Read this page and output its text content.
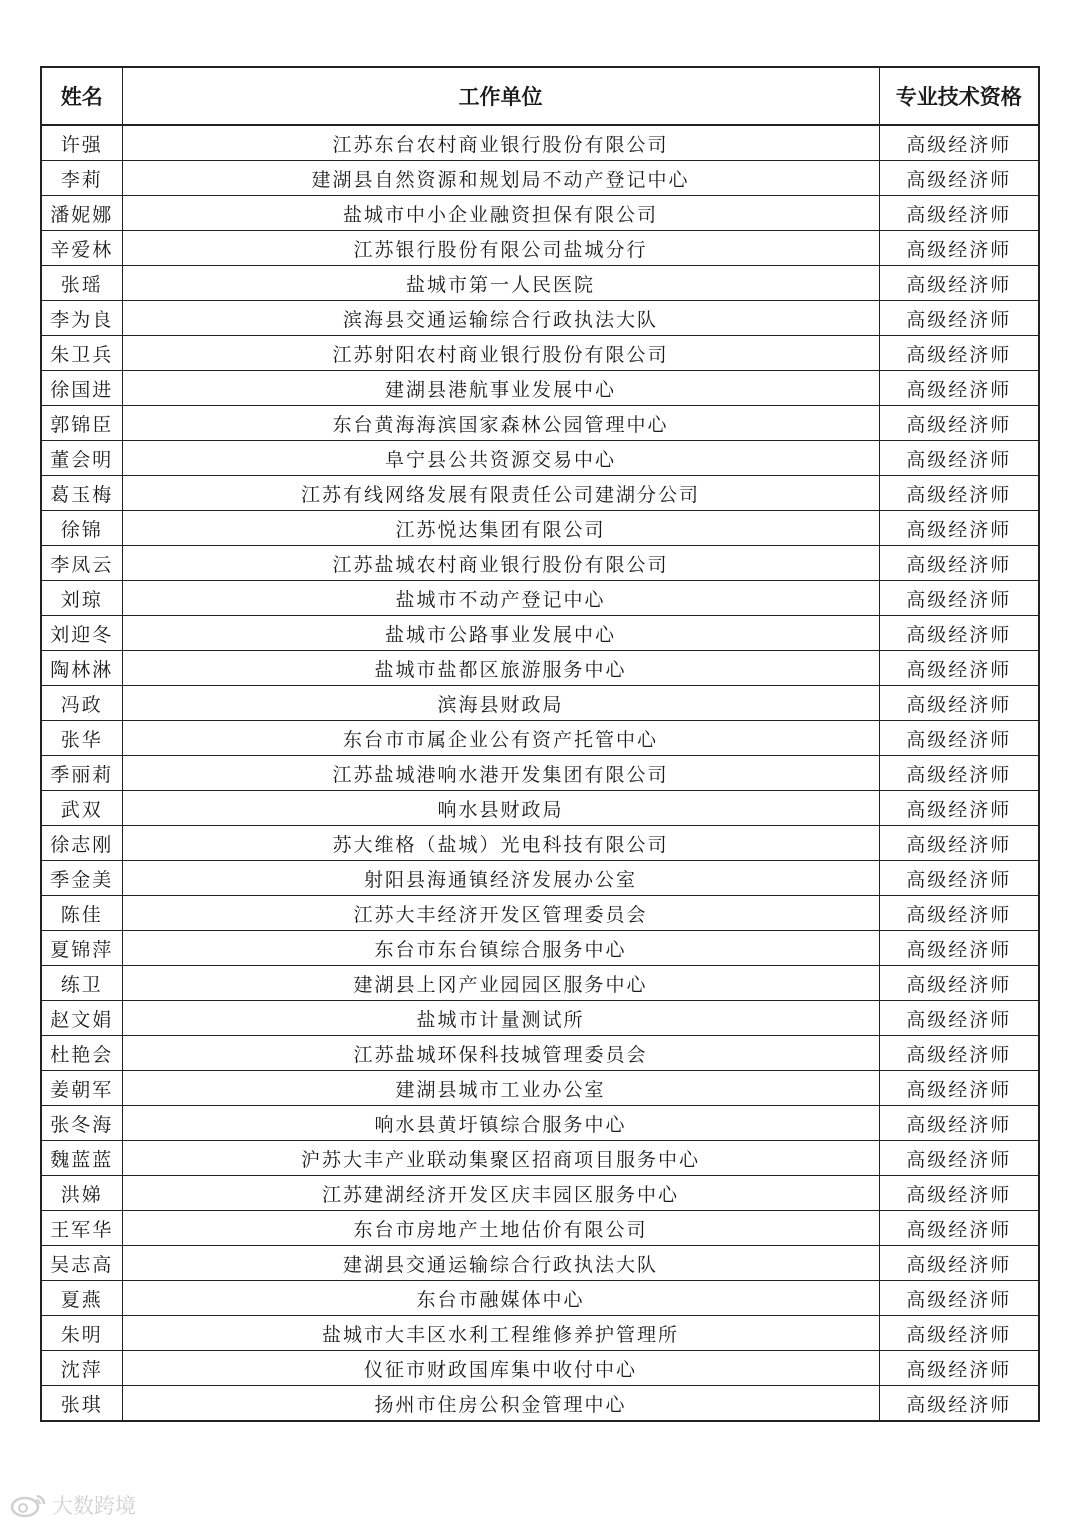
姓名	工作单位	专业技术资格
许强	江苏东台农村商业银行股份有限公司	高级经济师
李莉	建湖县自然资源和规划局不动产登记中心	高级经济师
潘妮娜	盐城市中小企业融资担保有限公司	高级经济师
辛爱林	江苏银行股份有限公司盐城分行	高级经济师
张瑶	盐城市第一人民医院	高级经济师
李为良	滨海县交通运输综合行政执法大队	高级经济师
朱卫兵	江苏射阳农村商业银行股份有限公司	高级经济师
徐国进	建湖县港航事业发展中心	高级经济师
郭锦臣	东台黄海海滨国家森林公园管理中心	高级经济师
董会明	阜宁县公共资源交易中心	高级经济师
葛玉梅	江苏有线网络发展有限责任公司建湖分公司	高级经济师
徐锦	江苏悦达集团有限公司	高级经济师
李凤云	江苏盐城农村商业银行股份有限公司	高级经济师
刘琼	盐城市不动产登记中心	高级经济师
刘迎冬	盐城市公路事业发展中心	高级经济师
陶林淋	盐城市盐都区旅游服务中心	高级经济师
冯政	滨海县财政局	高级经济师
张华	东台市市属企业公有资产托管中心	高级经济师
季丽莉	江苏盐城港响水港开发集团有限公司	高级经济师
武双	响水县财政局	高级经济师
徐志刚	苏大维格（盐城）光电科技有限公司	高级经济师
季金美	射阳县海通镇经济发展办公室	高级经济师
陈佳	江苏大丰经济开发区管理委员会	高级经济师
夏锦萍	东台市东台镇综合服务中心	高级经济师
练卫	建湖县上冈产业园园区服务中心	高级经济师
赵文娟	盐城市计量测试所	高级经济师
杜艳会	江苏盐城环保科技城管理委员会	高级经济师
姜朝军	建湖县城市工业办公室	高级经济师
张冬海	响水县黄圩镇综合服务中心	高级经济师
魏蓝蓝	沪苏大丰产业联动集聚区招商项目服务中心	高级经济师
洪娣	江苏建湖经济开发区庆丰园区服务中心	高级经济师
王军华	东台市房地产土地估价有限公司	高级经济师
吴志高	建湖县交通运输综合行政执法大队	高级经济师
夏燕	东台市融媒体中心	高级经济师
朱明	盐城市大丰区水利工程维修养护管理所	高级经济师
沈萍	仪征市财政国库集中收付中心	高级经济师
张琪	扬州市住房公积金管理中心	高级经济师
大数跨境
